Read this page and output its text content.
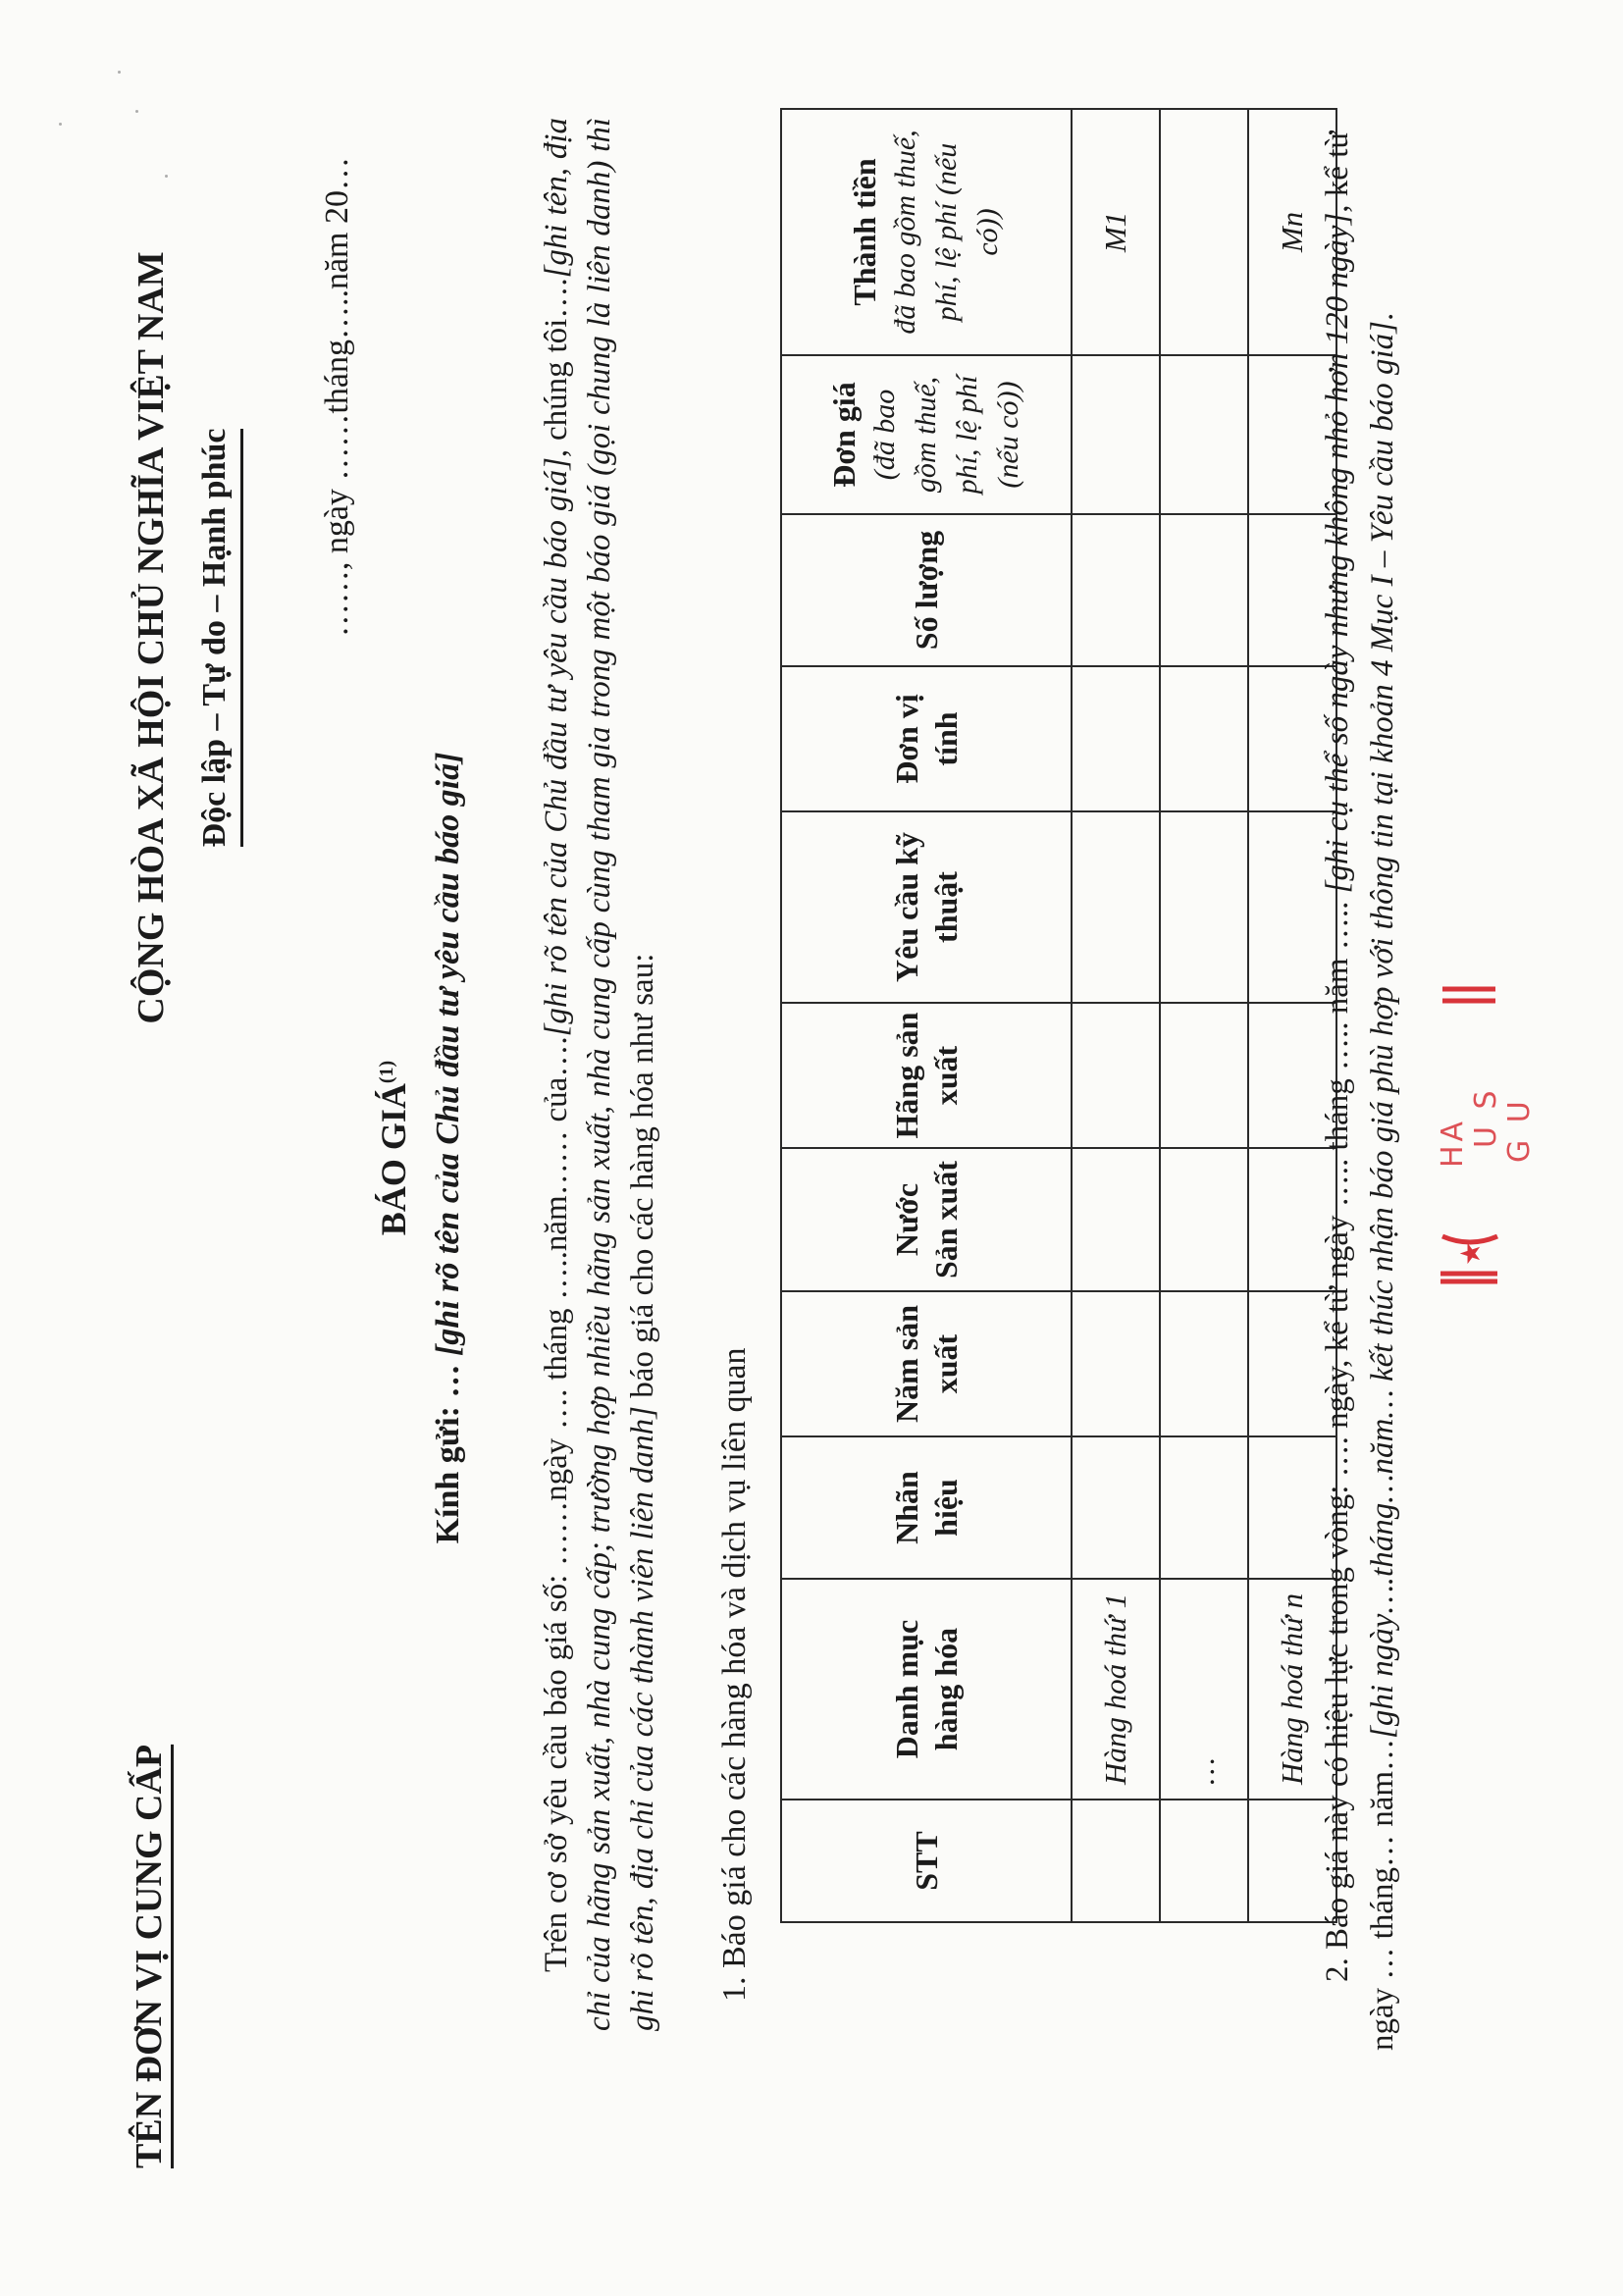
TÊN ĐƠN VỊ CUNG CẤP
CỘNG HÒA XÃ HỘI CHỦ NGHĨA VIỆT NAM Độc lập – Tự do – Hạnh phúc
……, ngày ……tháng…..năm 20…
BÁO GIÁ$^{(1)}$
Kính gửi: … [ghi rõ tên của Chủ đầu tư yêu cầu báo giá] Trên cơ sở yêu cầu báo giá số: ……ngày …. tháng …..năm…… của….[ghi rõ tên của Chủ đầu tư yêu cầu báo giá], chúng tôi….[ghi tên, địa chỉ của hãng sản xuất, nhà cung cấp; trường hợp nhiều hãng sản xuất, nhà cung cấp cùng tham gia trong một báo giá (gọi chung là liên danh) thì ghi rõ tên, địa chỉ của các thành viên liên danh] báo giá cho các hàng hóa như sau:
1. Báo giá cho các hàng hóa và dịch vụ liên quan	STT	Danh mục hàng hóa	Nhãn hiệu	Năm sản xuất	Nước Sản xuất	Hãng sản xuất	Yêu cầu kỹ thuật	Đơn vị tính	Số lượng	Đơn giá (đã bao gồm thuế, phí, lệ phí (nếu có))	Thành tiền đã bao gồm thuế, phí, lệ phí (nếu có))
	Hàng hoá thứ 1									M1
	…									
	Hàng hoá thứ n									Mn
2. Báo giá này có hiệu lực trong vòng: …. ngày, kể từ ngày ….. tháng ….. năm ….. [ghi cụ thể số ngày nhưng không nhỏ hơn 120 ngày], kể từ ngày … tháng… năm…[ghi ngày….tháng…năm… kết thúc nhận báo giá phù hợp với thông tin tại khoản 4 Mục I – Yêu cầu báo giá].
★
HA U S G U
